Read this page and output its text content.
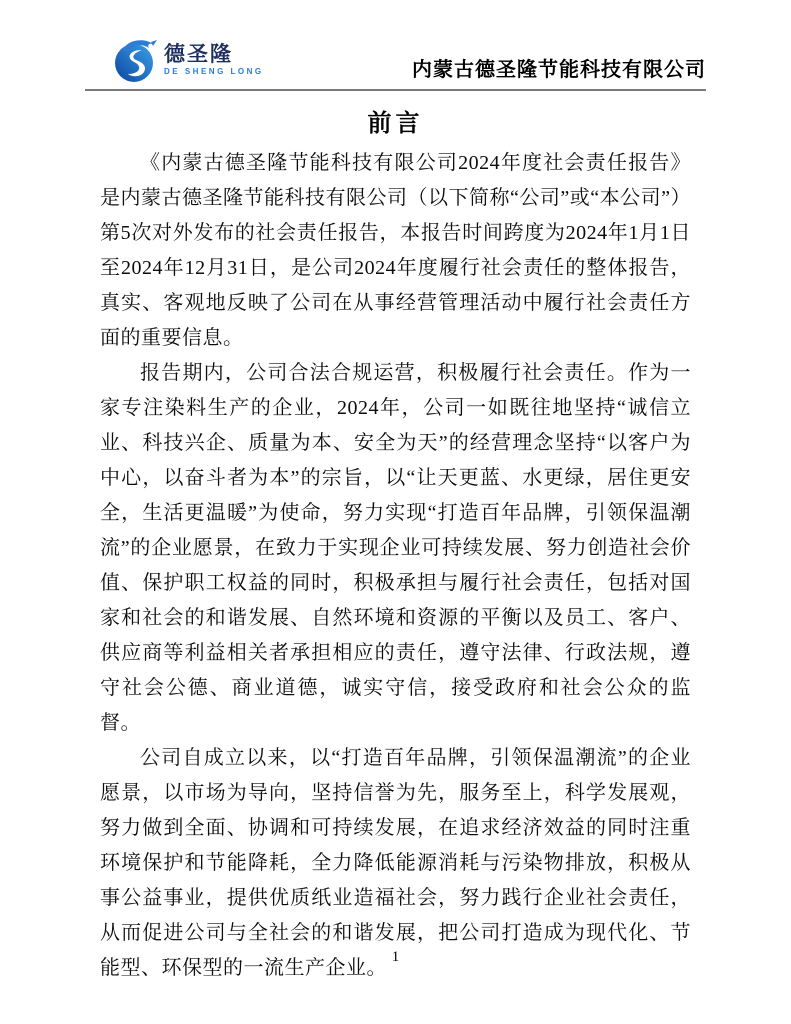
德圣隆
DE SHENG LONG	内蒙古德圣隆节能科技有限公司
前言

《内蒙古德圣隆节能科技有限公司2024年度社会责任报告》是内蒙古德圣隆节能科技有限公司（以下简称“公司”或“本公司”）第5次对外发布的社会责任报告，本报告时间跨度为2024年1月1日至2024年12月31日，是公司2024年度履行社会责任的整体报告，真实、客观地反映了公司在从事经营管理活动中履行社会责任方面的重要信息。

报告期内，公司合法合规运营，积极履行社会责任。作为一家专注染料生产的企业，2024年，公司一如既往地坚持“诚信立业、科技兴企、质量为本、安全为天”的经营理念坚持“以客户为中心，以奋斗者为本”的宗旨，以“让天更蓝、水更绿，居住更安全，生活更温暖”为使命，努力实现“打造百年品牌，引领保温潮流”的企业愿景，在致力于实现企业可持续发展、努力创造社会价值、保护职工权益的同时，积极承担与履行社会责任，包括对国家和社会的和谐发展、自然环境和资源的平衡以及员工、客户、供应商等利益相关者承担相应的责任，遵守法律、行政法规，遵守社会公德、商业道德，诚实守信，接受政府和社会公众的监督。

公司自成立以来，以“打造百年品牌，引领保温潮流”的企业愿景，以市场为导向，坚持信誉为先，服务至上，科学发展观，努力做到全面、协调和可持续发展，在追求经济效益的同时注重环境保护和节能降耗，全力降低能源消耗与污染物排放，积极从事公益事业，提供优质纸业造福社会，努力践行企业社会责任，从而促进公司与全社会的和谐发展，把公司打造成为现代化、节能型、环保型的一流生产企业。 1
